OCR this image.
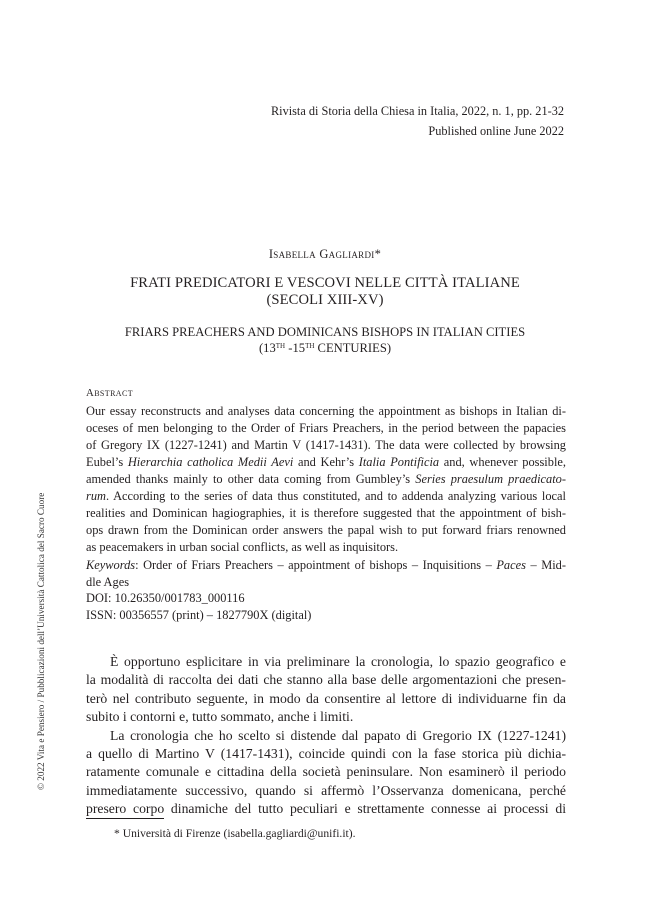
Rivista di Storia della Chiesa in Italia, 2022, n. 1, pp. 21-32
Published online June 2022
Isabella Gagliardi*
FRATI PREDICATORI E VESCOVI NELLE CITTÀ ITALIANE
(SECOLI XIII-XV)
FRIARS PREACHERS AND DOMINICANS BISHOPS IN ITALIAN CITIES
(13TH -15TH CENTURIES)
Abstract
Our essay reconstructs and analyses data concerning the appointment as bishops in Italian di-
oceses of men belonging to the Order of Friars Preachers, in the period between the papacies
of Gregory IX (1227-1241) and Martin V (1417-1431). The data were collected by browsing
Eubel’s Hierarchia catholica Medii Aevi and Kehr’s Italia Pontificia and, whenever possible,
amended thanks mainly to other data coming from Gumbley’s Series praesulum praedicato-
rum. According to the series of data thus constituted, and to addenda analyzing various local
realities and Dominican hagiographies, it is therefore suggested that the appointment of bish-
ops drawn from the Dominican order answers the papal wish to put forward friars renowned
as peacemakers in urban social conflicts, as well as inquisitors.
Keywords: Order of Friars Preachers – appointment of bishops – Inquisitions – Paces – Mid-
dle Ages
DOI: 10.26350/001783_000116
ISSN: 00356557 (print) – 1827790X (digital)
È opportuno esplicitare in via preliminare la cronologia, lo spazio geografico e
la modalità di raccolta dei dati che stanno alla base delle argomentazioni che presen-
terò nel contributo seguente, in modo da consentire al lettore di individuarne fin da
subito i contorni e, tutto sommato, anche i limiti.
La cronologia che ho scelto si distende dal papato di Gregorio IX (1227-1241)
a quello di Martino V (1417-1431), coincide quindi con la fase storica più dichia-
ratamente comunale e cittadina della società peninsulare. Non esaminerò il periodo
immediatamente successivo, quando si affermò l’Osservanza domenicana, perché
* Università di Firenze (isabella.gagliardi@unifi.it).
© 2022 Vita e Pensiero / Pubblicazioni dell’Università Cattolica del Sacro Cuore
presero corpo dinamiche del tutto peculiari e strettamente connesse ai processi di
